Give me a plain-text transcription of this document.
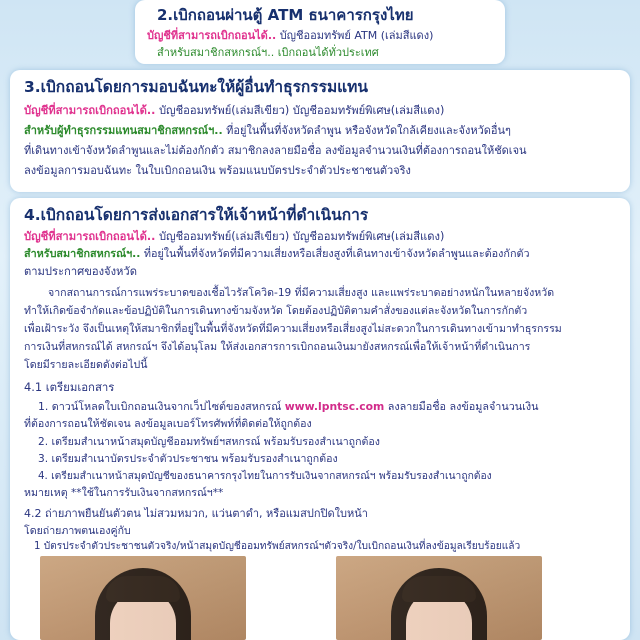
2.เบิกถอนผ่านตู้ ATM ธนาคารกรุงไทย
บัญชีที่สามารถเบิกถอนได้.. บัญชีออมทรัพย์ ATM (เล่มสีแดง)
สำหรับสมาชิกสหกรณ์ฯ.. เบิกถอนได้ทั่วประเทศ
3.เบิกถอนโดยการมอบฉันทะให้ผู้อื่นทำธุรกรรมแทน
บัญชีที่สามารถเบิกถอนได้.. บัญชีออมทรัพย์(เล่มสีเขียว) บัญชีออมทรัพย์พิเศษ(เล่มสีแดง)
สำหรับผู้ทำธุรกรรมแทนสมาชิกสหกรณ์ฯ.. ที่อยู่ในพื้นที่จังหวัดลำพูน หรือจังหวัดใกล้เคียงและจังหวัดอื่นๆ
ที่เดินทางเข้าจังหวัดลำพูนและไม่ต้องกักตัว สมาชิกลงลายมือชื่อ ลงข้อมูลจำนวนเงินที่ต้องการถอนให้ชัดเจน
ลงข้อมูลการมอบฉันทะ ในใบเบิกถอนเงิน พร้อมแนบบัตรประจำตัวประชาชนตัวจริง
4.เบิกถอนโดยการส่งเอกสารให้เจ้าหน้าที่ดำเนินการ
บัญชีที่สามารถเบิกถอนได้.. บัญชีออมทรัพย์(เล่มสีเขียว) บัญชีออมทรัพย์พิเศษ(เล่มสีแดง)
สำหรับสมาชิกสหกรณ์ฯ.. ที่อยู่ในพื้นที่จังหวัดที่มีความเสี่ยงหรือเสี่ยงสูงที่เดินทางเข้าจังหวัดลำพูนและต้องกักตัว
ตามประกาศของจังหวัด
จากสถานการณ์การแพร่ระบาดของเชื้อไวรัสโควิด-19 ที่มีความเสี่ยงสูง และแพร่ระบาดอย่างหนักในหลายจังหวัด
ทำให้เกิดข้อจำกัดและข้อปฏิบัติในการเดินทางข้ามจังหวัด โดยต้องปฏิบัติตามคำสั่งของแต่ละจังหวัดในการกักตัว
เพื่อเฝ้าระวัง จึงเป็นเหตุให้สมาชิกที่อยู่ในพื้นที่จังหวัดที่มีความเสี่ยงหรือเสี่ยงสูงไม่สะดวกในการเดินทางเข้ามาทำธุรกรรม
การเงินที่สหกรณ์ได้ สหกรณ์ฯ จึงได้อนุโลม ให้ส่งเอกสารการเบิกถอนเงินมายังสหกรณ์เพื่อให้เจ้าหน้าที่ดำเนินการ
โดยมีรายละเอียดดังต่อไปนี้
4.1 เตรียมเอกสาร
1. ดาวน์โหลดใบเบิกถอนเงินจากเว็ปไซต์ของสหกรณ์ www.lpntsc.com ลงลายมือชื่อ ลงข้อมูลจำนวนเงิน
ที่ต้องการถอนให้ชัดเจน ลงข้อมูลเบอร์โทรศัพท์ที่ติดต่อให้ถูกต้อง
2. เตรียมสำเนาหน้าสมุดบัญชีออมทรัพย์ฯสหกรณ์ พร้อมรับรองสำเนาถูกต้อง
3. เตรียมสำเนาบัตรประจำตัวประชาชน พร้อมรับรองสำเนาถูกต้อง
4. เตรียมสำเนาหน้าสมุดบัญชีของธนาคารกรุงไทยในการรับเงินจากสหกรณ์ฯ พร้อมรับรองสำเนาถูกต้อง
หมายเหตุ **ใช้ในการรับเงินจากสหกรณ์ฯ**
4.2 ถ่ายภาพยืนยันตัวตน ไม่สวมหมวก, แว่นตาดำ, หรือแมสปกปิดใบหน้า
โดยถ่ายภาพตนเองคู่กับ
1 บัตรประจำตัวประชาชนตัวจริง/หน้าสมุดบัญชีออมทรัพย์สหกรณ์ฯตัวจริง/ใบเบิกถอนเงินที่ลงข้อมูลเรียบร้อยแล้ว
